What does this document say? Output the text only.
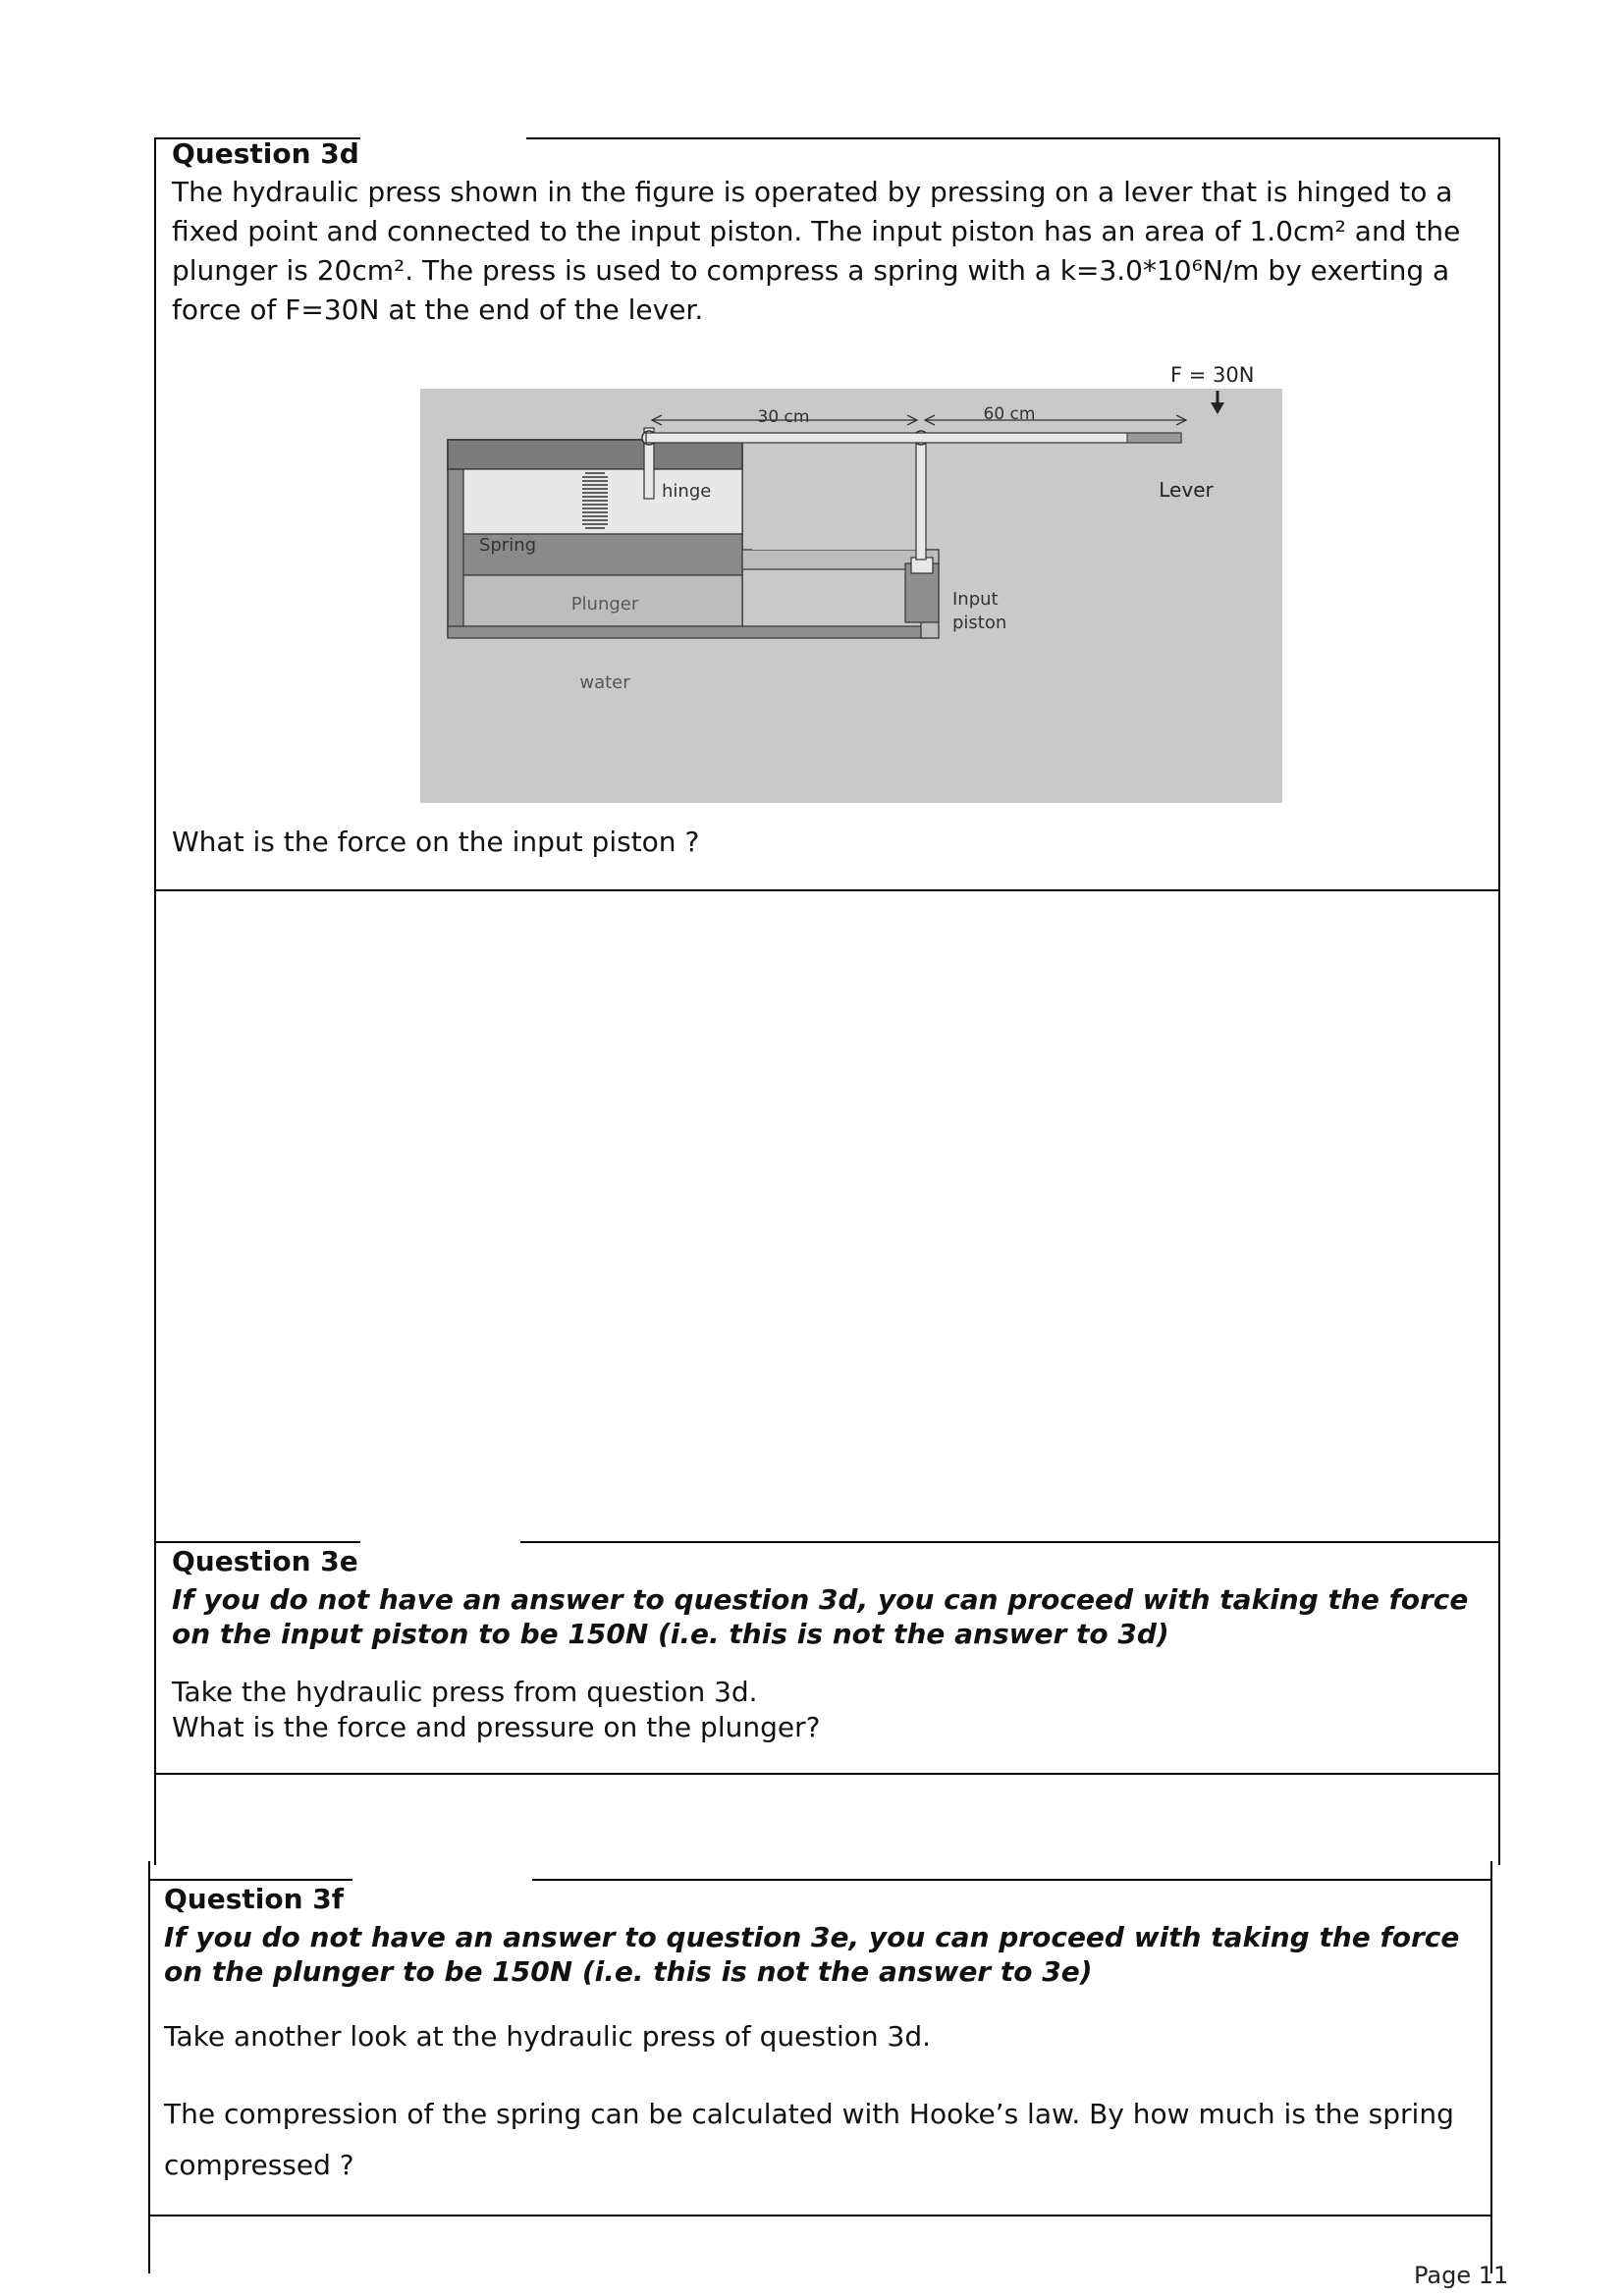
Question 3d
The hydraulic press shown in the figure is operated by pressing on a lever that is hinged to a
fixed point and connected to the input piston. The input piston has an area of 1.0cm² and the
plunger is 20cm². The press is used to compress a spring with a k=3.0*10⁶N/m by exerting a
force of F=30N at the end of the lever.
F = 30N
30 cm	60 cm
hinge	Lever
Spring
Plunger
water
Input
piston
What is the force on the input piston ?
Question 3e
If you do not have an answer to question 3d, you can proceed with taking the force
on the input piston to be 150N (i.e. this is not the answer to 3d)
Take the hydraulic press from question 3d.
What is the force and pressure on the plunger?
Question 3f
If you do not have an answer to question 3e, you can proceed with taking the force
on the plunger to be 150N (i.e. this is not the answer to 3e)
Take another look at the hydraulic press of question 3d.
The compression of the spring can be calculated with Hooke’s law. By how much is the spring
compressed ?
Page 11
